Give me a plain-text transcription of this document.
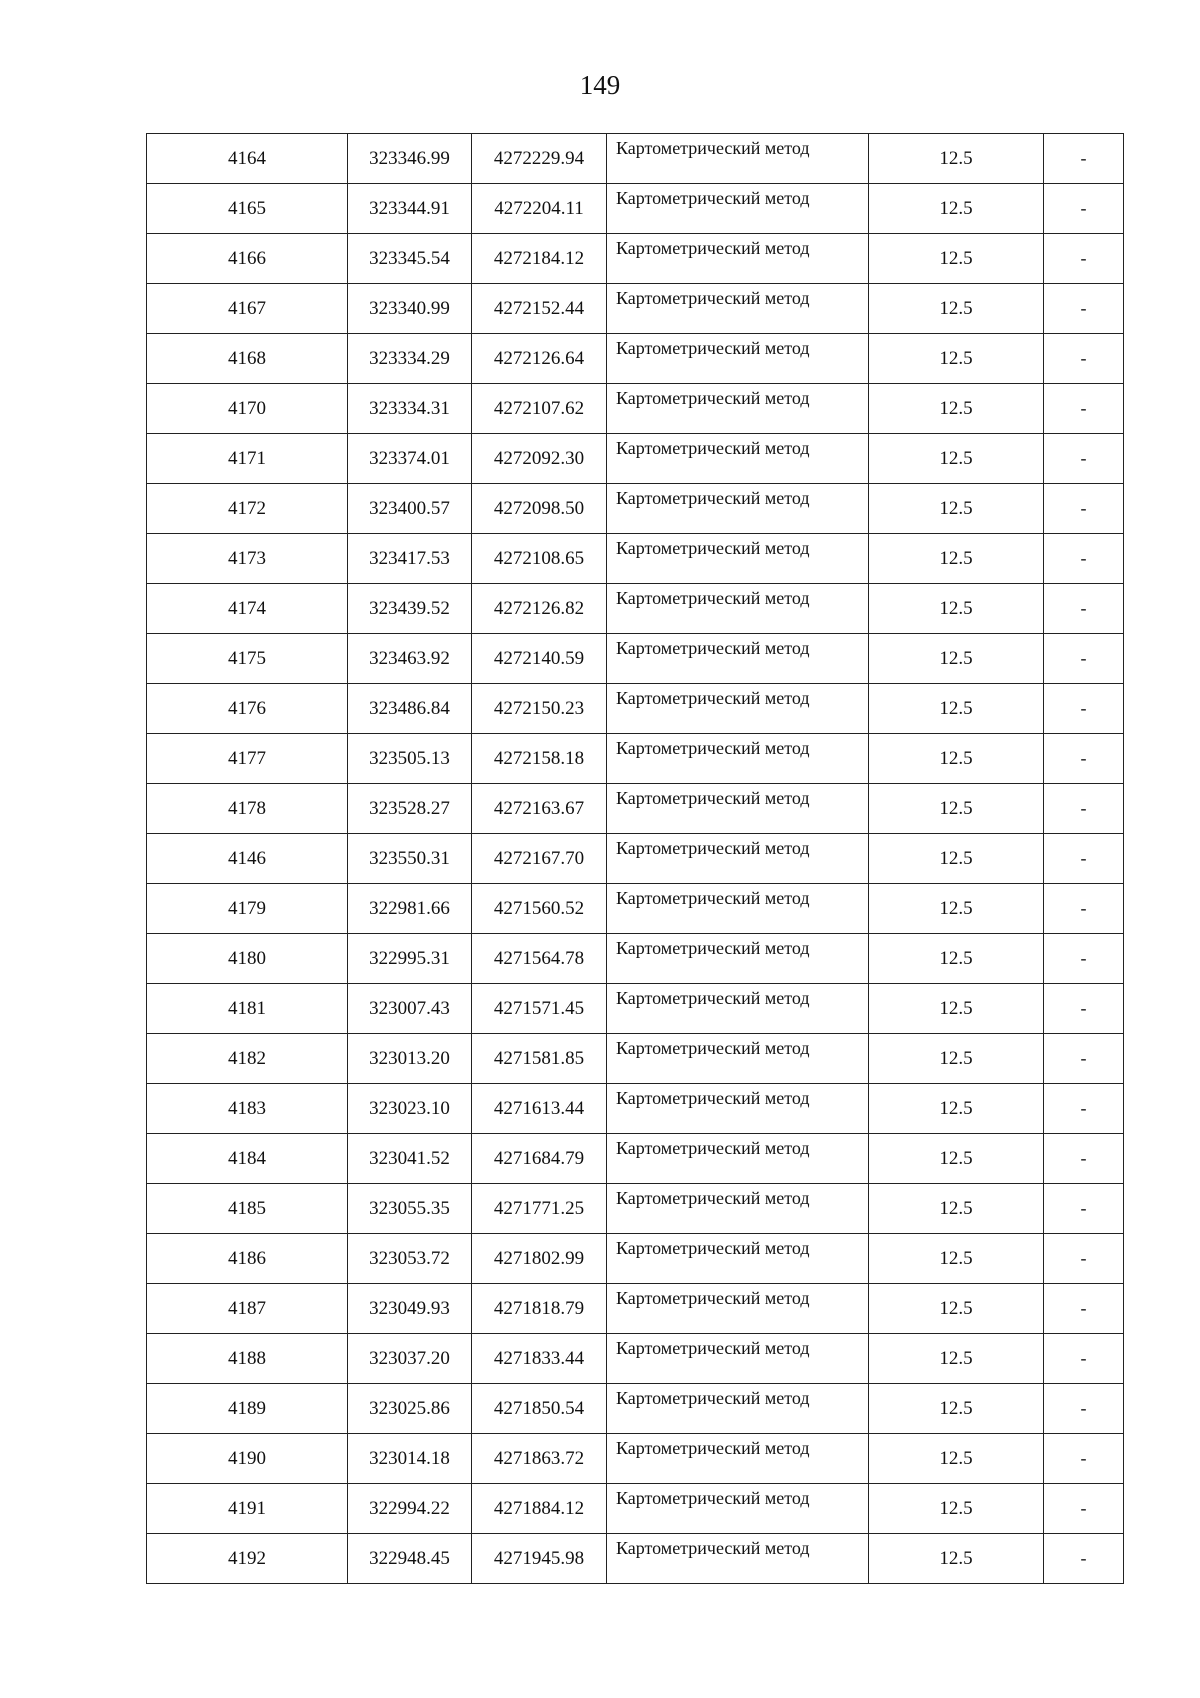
149
4164	323346.99	4272229.94	Картометрический метод	12.5	-
4165	323344.91	4272204.11	Картометрический метод	12.5	-
4166	323345.54	4272184.12	Картометрический метод	12.5	-
4167	323340.99	4272152.44	Картометрический метод	12.5	-
4168	323334.29	4272126.64	Картометрический метод	12.5	-
4170	323334.31	4272107.62	Картометрический метод	12.5	-
4171	323374.01	4272092.30	Картометрический метод	12.5	-
4172	323400.57	4272098.50	Картометрический метод	12.5	-
4173	323417.53	4272108.65	Картометрический метод	12.5	-
4174	323439.52	4272126.82	Картометрический метод	12.5	-
4175	323463.92	4272140.59	Картометрический метод	12.5	-
4176	323486.84	4272150.23	Картометрический метод	12.5	-
4177	323505.13	4272158.18	Картометрический метод	12.5	-
4178	323528.27	4272163.67	Картометрический метод	12.5	-
4146	323550.31	4272167.70	Картометрический метод	12.5	-
4179	322981.66	4271560.52	Картометрический метод	12.5	-
4180	322995.31	4271564.78	Картометрический метод	12.5	-
4181	323007.43	4271571.45	Картометрический метод	12.5	-
4182	323013.20	4271581.85	Картометрический метод	12.5	-
4183	323023.10	4271613.44	Картометрический метод	12.5	-
4184	323041.52	4271684.79	Картометрический метод	12.5	-
4185	323055.35	4271771.25	Картометрический метод	12.5	-
4186	323053.72	4271802.99	Картометрический метод	12.5	-
4187	323049.93	4271818.79	Картометрический метод	12.5	-
4188	323037.20	4271833.44	Картометрический метод	12.5	-
4189	323025.86	4271850.54	Картометрический метод	12.5	-
4190	323014.18	4271863.72	Картометрический метод	12.5	-
4191	322994.22	4271884.12	Картометрический метод	12.5	-
4192	322948.45	4271945.98	Картометрический метод	12.5	-
